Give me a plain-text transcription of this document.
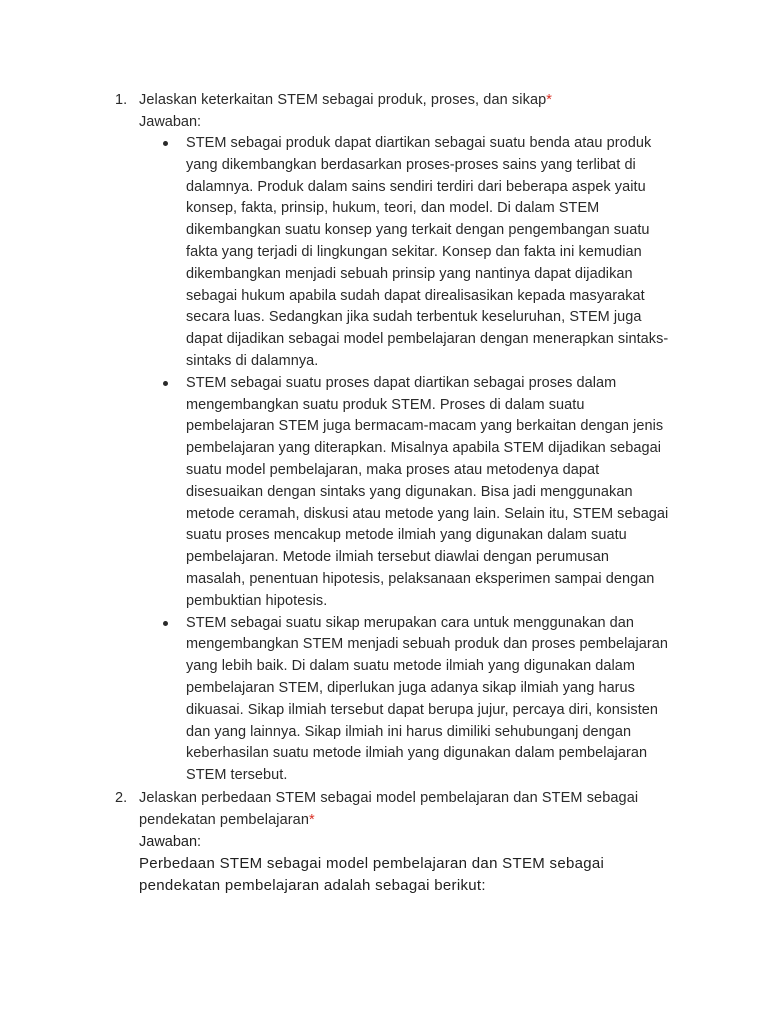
1. Jelaskan keterkaitan STEM sebagai produk, proses, dan sikap*
Jawaban:
STEM sebagai produk dapat diartikan sebagai suatu benda atau produk yang dikembangkan berdasarkan proses-proses sains yang terlibat di dalamnya. Produk dalam sains sendiri terdiri dari beberapa aspek yaitu konsep, fakta, prinsip, hukum, teori, dan model. Di dalam STEM dikembangkan suatu konsep yang terkait dengan pengembangan suatu fakta yang terjadi di lingkungan sekitar. Konsep dan fakta ini kemudian dikembangkan menjadi sebuah prinsip yang nantinya dapat dijadikan sebagai hukum apabila sudah dapat direalisasikan kepada masyarakat secara luas. Sedangkan jika sudah terbentuk keseluruhan, STEM juga dapat dijadikan sebagai model pembelajaran dengan menerapkan sintaks-sintaks di dalamnya.
STEM sebagai suatu proses dapat diartikan sebagai proses dalam mengembangkan suatu produk STEM. Proses di dalam suatu pembelajaran STEM juga bermacam-macam yang berkaitan dengan jenis pembelajaran yang diterapkan. Misalnya apabila STEM dijadikan sebagai suatu model pembelajaran, maka proses atau metodenya dapat disesuaikan dengan sintaks yang digunakan. Bisa jadi menggunakan metode ceramah, diskusi atau metode yang lain. Selain itu, STEM sebagai suatu proses mencakup metode ilmiah yang digunakan dalam suatu pembelajaran. Metode ilmiah tersebut diawlai dengan perumusan masalah, penentuan hipotesis, pelaksanaan eksperimen sampai dengan pembuktian hipotesis.
STEM sebagai suatu sikap merupakan cara untuk menggunakan dan mengembangkan STEM menjadi sebuah produk dan proses pembelajaran yang lebih baik. Di dalam suatu metode ilmiah yang digunakan dalam pembelajaran STEM, diperlukan juga adanya sikap ilmiah yang harus dikuasai. Sikap ilmiah tersebut dapat berupa jujur, percaya diri, konsisten dan yang lainnya. Sikap ilmiah ini harus dimiliki sehubunganj dengan keberhasilan suatu metode ilmiah yang digunakan dalam pembelajaran STEM tersebut.
2. Jelaskan perbedaan STEM sebagai model pembelajaran dan STEM sebagai pendekatan pembelajaran*
Jawaban:
Perbedaan STEM sebagai model pembelajaran dan STEM sebagai pendekatan pembelajaran adalah sebagai berikut:
